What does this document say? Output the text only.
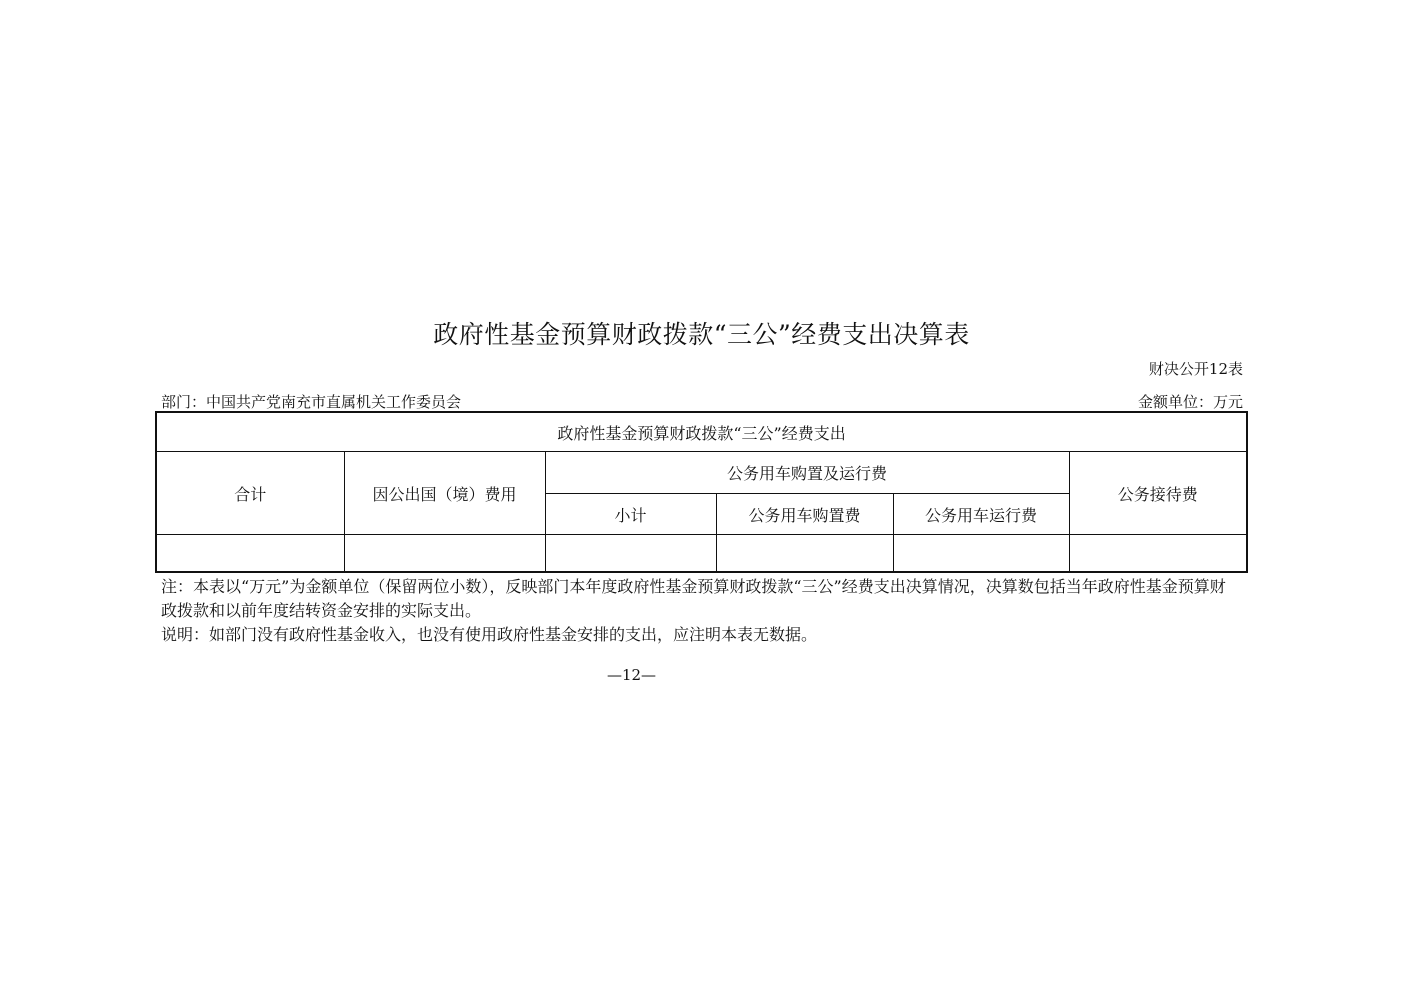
政府性基金预算财政拨款“三公”经费支出决算表
财决公开12表
部门：中国共产党南充市直属机关工作委员会	金额单位：万元
政府性基金预算财政拨款“三公”经费支出					
合计	因公出国（境）费用	公务用车购置及运行费			公务接待费
		小计	公务用车购置费	公务用车运行费	

注：本表以“万元”为金额单位（保留两位小数），反映部门本年度政府性基金预算财政拨款“三公”经费支出决算情况，决算数包括当年政府性基金预算财政拨款和以前年度结转资金安排的实际支出。

说明：如部门没有政府性基金收入，也没有使用政府性基金安排的支出，应注明本表无数据。

—12—
